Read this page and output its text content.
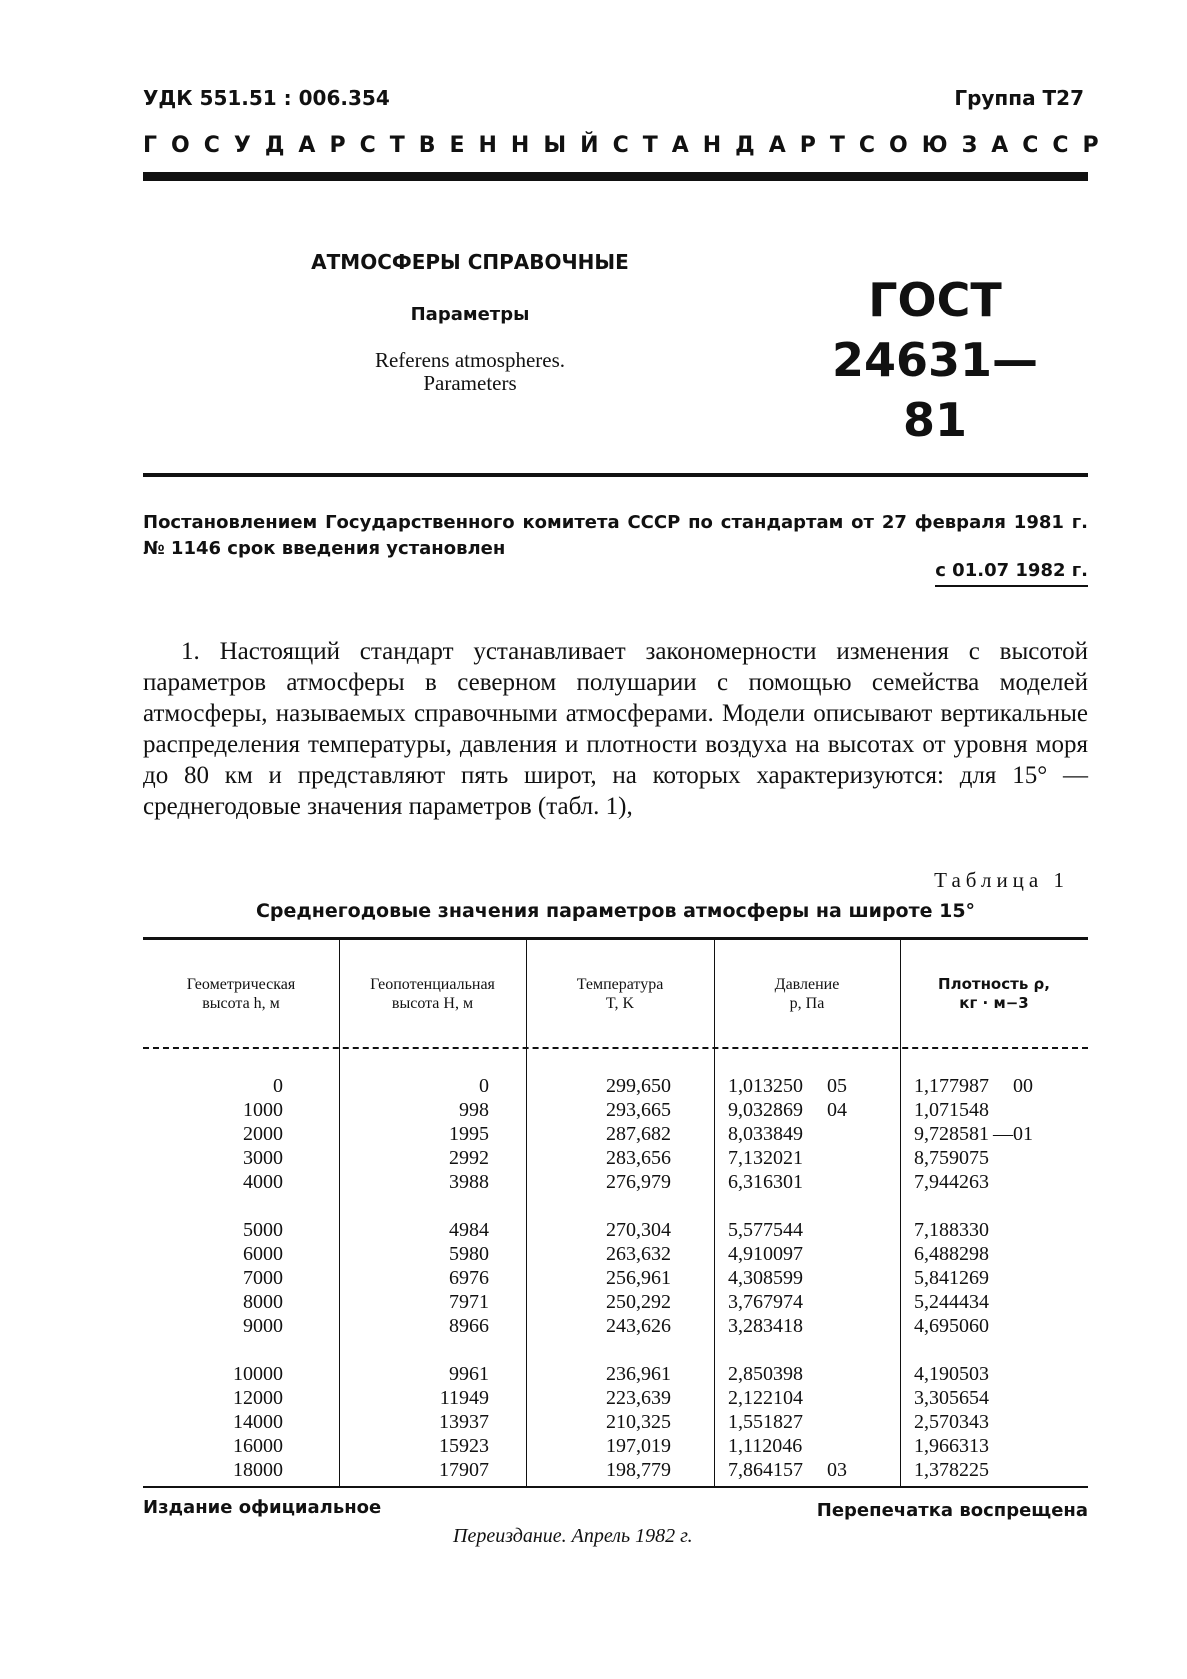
УДК 551.51 : 006.354	Группа Т27
ГОСУДАРСТВЕННЫЙ СТАНДАРТ СОЮЗА ССР
АТМОСФЕРЫ СПРАВОЧНЫЕ
Параметры
Referens atmospheres.
Parameters
ГОСТ
24631—81
Постановлением Государственного комитета СССР по стандартам от 27 февраля 1981 г. № 1146 срок введения установлен
с 01.07 1982 г.
1. Настоящий стандарт устанавливает закономерности изменения с высотой параметров атмосферы в северном полушарии с помощью семейства моделей атмосферы, называемых справочными атмосферами. Модели описывают вертикальные распределения температуры, давления и плотности воздуха на высотах от уровня моря до 80 км и представляют пять широт, на которых характеризуются: для 15° — среднегодовые значения параметров (табл. 1),
Таблица 1
Среднегодовые значения параметров атмосферы на широте 15°
Геометрическая
высота h, м
Геопотенциальная
высота H, м
Температура
T, K
Давление
p, Па
Плотность ρ,
кг · м−3
0
1000
2000
3000
4000
5000
6000
7000
8000
9000
10000
12000
14000
16000
18000
0
998
1995
2992
3988
4984
5980
6976
7971
8966
9961
11949
13937
15923
17907
299,650
293,665
287,682
283,656
276,979
270,304
263,632
256,961
250,292
243,626
236,961
223,639
210,325
197,019
198,779
1,013250 05
9,032869 04
8,033849
7,132021
6,316301
5,577544
4,910097
4,308599
3,767974
3,283418
2,850398
2,122104
1,551827
1,112046
7,864157 03
1,177987 00
1,071548
9,728581 —01
8,759075
7,944263
7,188330
6,488298
5,841269
5,244434
4,695060
4,190503
3,305654
2,570343
1,966313
1,378225
Издание официальное	Перепечатка воспрещена
Переиздание. Апрель 1982 г.
